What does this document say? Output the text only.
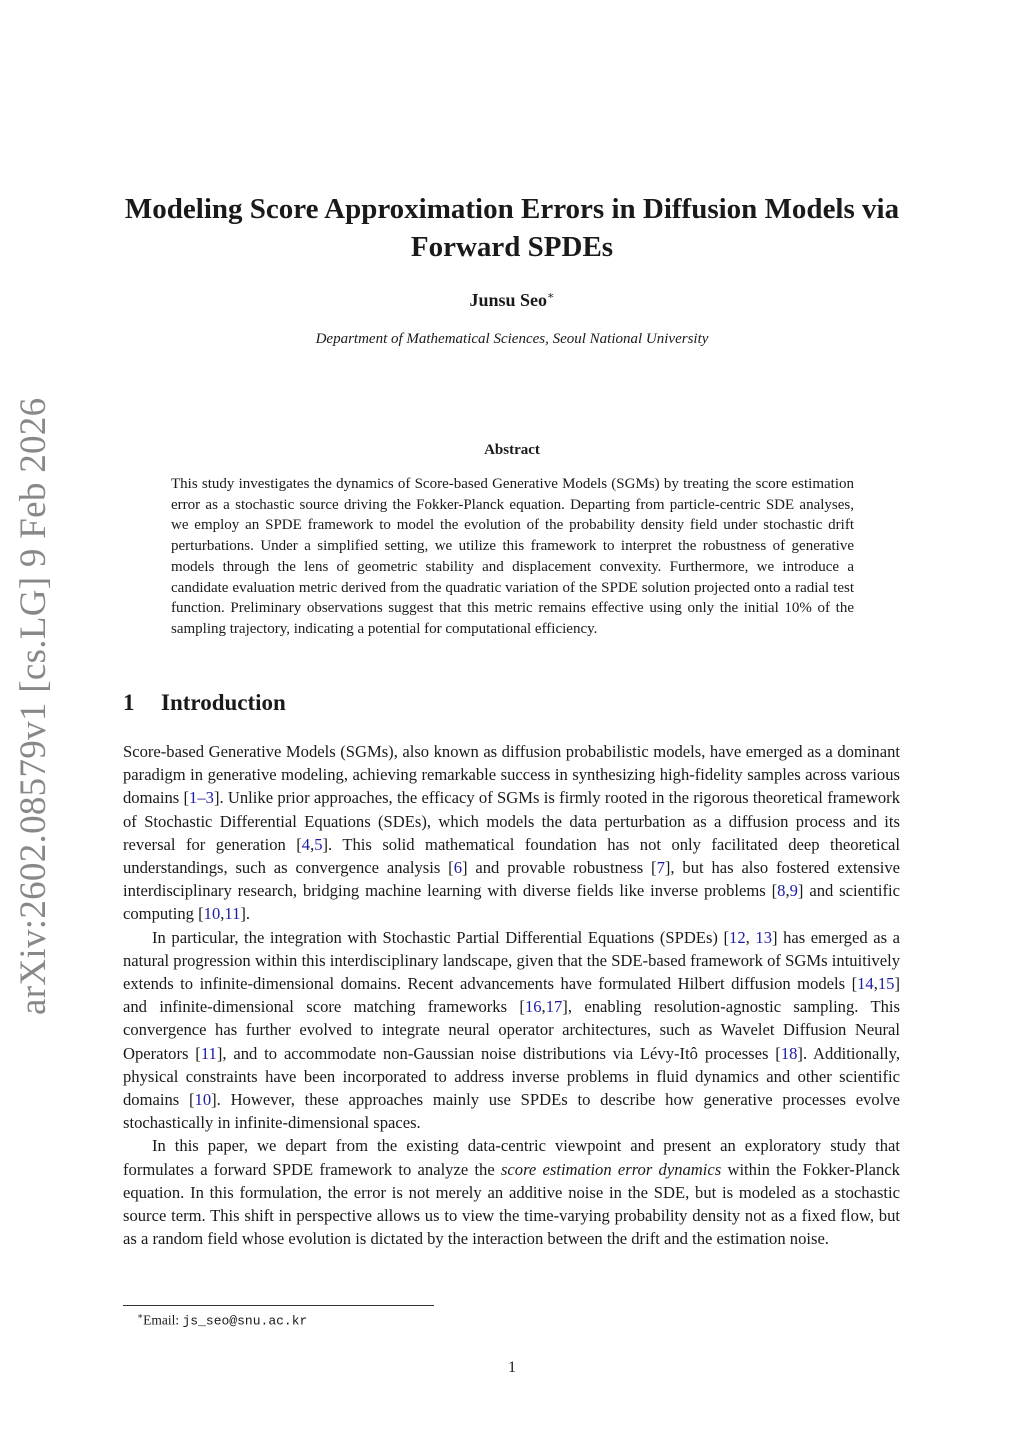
arXiv:2602.08579v1 [cs.LG] 9 Feb 2026
Modeling Score Approximation Errors in Diffusion Models via Forward SPDEs

Junsu Seo∗

Department of Mathematical Sciences, Seoul National University

Abstract

This study investigates the dynamics of Score-based Generative Models (SGMs) by treating the score estimation error as a stochastic source driving the Fokker-Planck equation. Departing from particle-centric SDE analyses, we employ an SPDE framework to model the evolution of the probability density field under stochastic drift perturbations. Under a simplified setting, we utilize this framework to interpret the robustness of generative models through the lens of geometric stability and displacement convexity. Furthermore, we introduce a candidate evaluation metric derived from the quadratic variation of the SPDE solution projected onto a radial test function. Preliminary observations suggest that this metric remains effective using only the initial 10% of the sampling trajectory, indicating a potential for computational efficiency.

1 Introduction

Score-based Generative Models (SGMs), also known as diffusion probabilistic models, have emerged as a dominant paradigm in generative modeling, achieving remarkable success in synthesizing high-fidelity samples across various domains [1–3]. Unlike prior approaches, the efficacy of SGMs is firmly rooted in the rigorous theoretical framework of Stochastic Differential Equations (SDEs), which models the data perturbation as a diffusion process and its reversal for generation [4,5]. This solid mathematical foundation has not only facilitated deep theoretical understandings, such as convergence analysis [6] and provable robustness [7], but has also fostered extensive interdisciplinary research, bridging machine learning with diverse fields like inverse problems [8,9] and scientific computing [10,11].

In particular, the integration with Stochastic Partial Differential Equations (SPDEs) [12, 13] has emerged as a natural progression within this interdisciplinary landscape, given that the SDE-based framework of SGMs intuitively extends to infinite-dimensional domains. Recent advancements have formulated Hilbert diffusion models [14,15] and infinite-dimensional score matching frameworks [16,17], enabling resolution-agnostic sampling. This convergence has further evolved to integrate neural operator architectures, such as Wavelet Diffusion Neural Operators [11], and to accommodate non-Gaussian noise distributions via Lévy-Itô processes [18]. Additionally, physical constraints have been incorporated to address inverse problems in fluid dynamics and other scientific domains [10]. However, these approaches mainly use SPDEs to describe how generative processes evolve stochastically in infinite-dimensional spaces.

In this paper, we depart from the existing data-centric viewpoint and present an exploratory study that formulates a forward SPDE framework to analyze the score estimation error dynamics within the Fokker-Planck equation. In this formulation, the error is not merely an additive noise in the SDE, but is modeled as a stochastic source term. This shift in perspective allows us to view the time-varying probability density not as a fixed flow, but as a random field whose evolution is dictated by the interaction between the drift and the estimation noise.

∗Email: js_seo@snu.ac.kr

1
